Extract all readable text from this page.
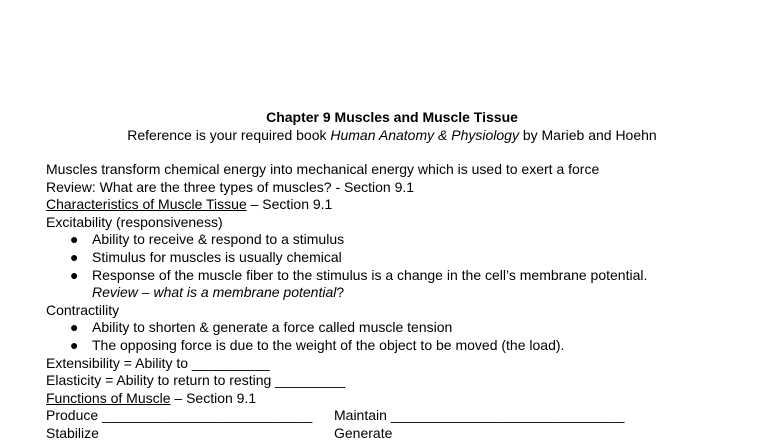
Chapter 9 Muscles and Muscle Tissue
Reference is your required book Human Anatomy & Physiology by Marieb and Hoehn
Muscles transform chemical energy into mechanical energy which is used to exert a force
Review: What are the three types of muscles? - Section 9.1
Characteristics of Muscle Tissue – Section 9.1
Excitability (responsiveness)
● Ability to receive & respond to a stimulus
● Stimulus for muscles is usually chemical
● Response of the muscle fiber to the stimulus is a change in the cell’s membrane potential.
Review – what is a membrane potential?
Contractility
● Ability to shorten & generate a force called muscle tension
● The opposing force is due to the weight of the object to be moved (the load).
Extensibility = Ability to __________
Elasticity = Ability to return to resting _________
Functions of Muscle – Section 9.1
Produce ___________________________ Maintain ______________________________
Stabilize	Generate
